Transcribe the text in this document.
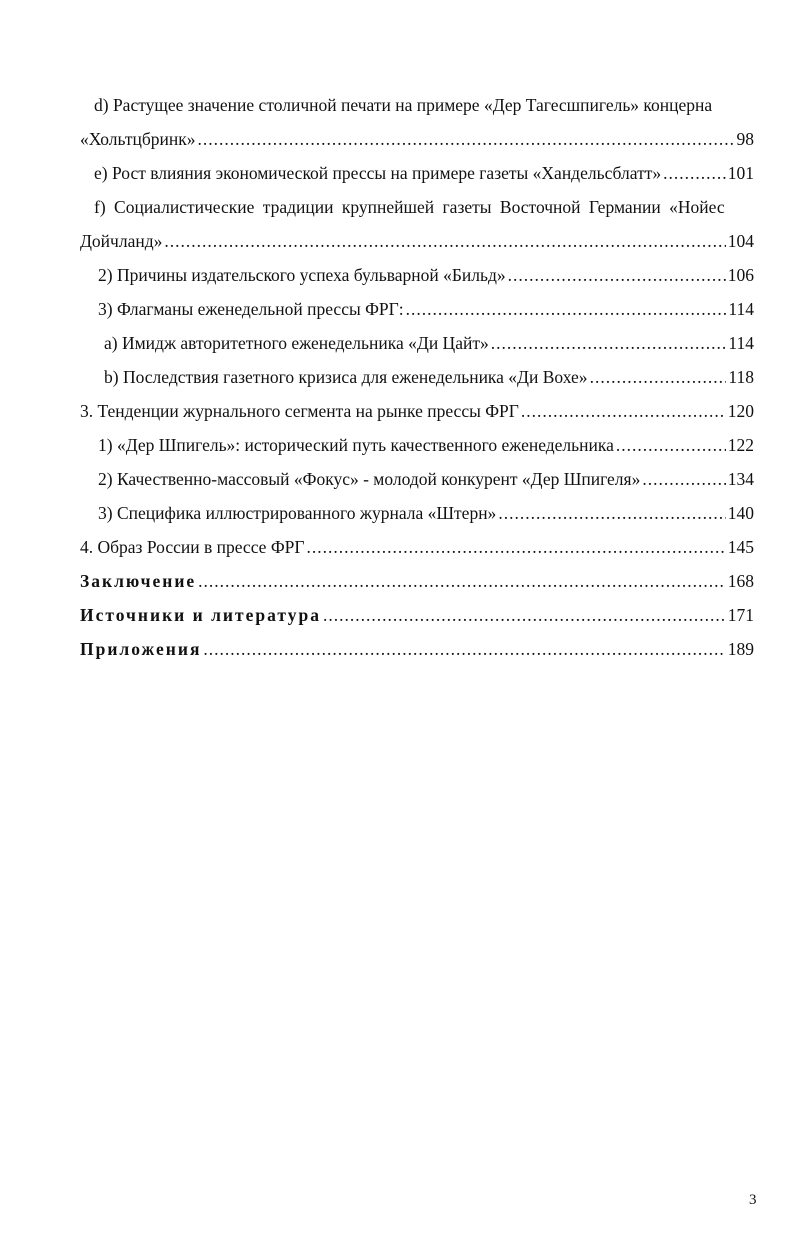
d) Растущее значение столичной печати на примере «Дер Тагесшпигель» концерна
«Хольтцбринк» .....	98
e) Рост влияния экономической прессы на примере газеты «Хандельсблатт» .....	101
f) Социалистические традиции крупнейшей газеты Восточной Германии «Нойес
Дойчланд» .....	104
2) Причины издательского успеха бульварной «Бильд» .....	106
3) Флагманы еженедельной прессы ФРГ: .....	114
а) Имидж авторитетного еженедельника «Ди Цайт» .....	114
b) Последствия газетного кризиса для еженедельника «Ди Вохе» .....	118
3. Тенденции журнального сегмента на рынке прессы ФРГ .....	120
1) «Дер Шпигель»: исторический путь качественного еженедельника .....	122
2) Качественно-массовый «Фокус» - молодой конкурент «Дер Шпигеля» .....	134
3) Специфика иллюстрированного журнала «Штерн» .....	140
4. Образ России в прессе ФРГ .....	145
Заключение .....	168
Источники и литература .....	171
Приложения .....	189
3
